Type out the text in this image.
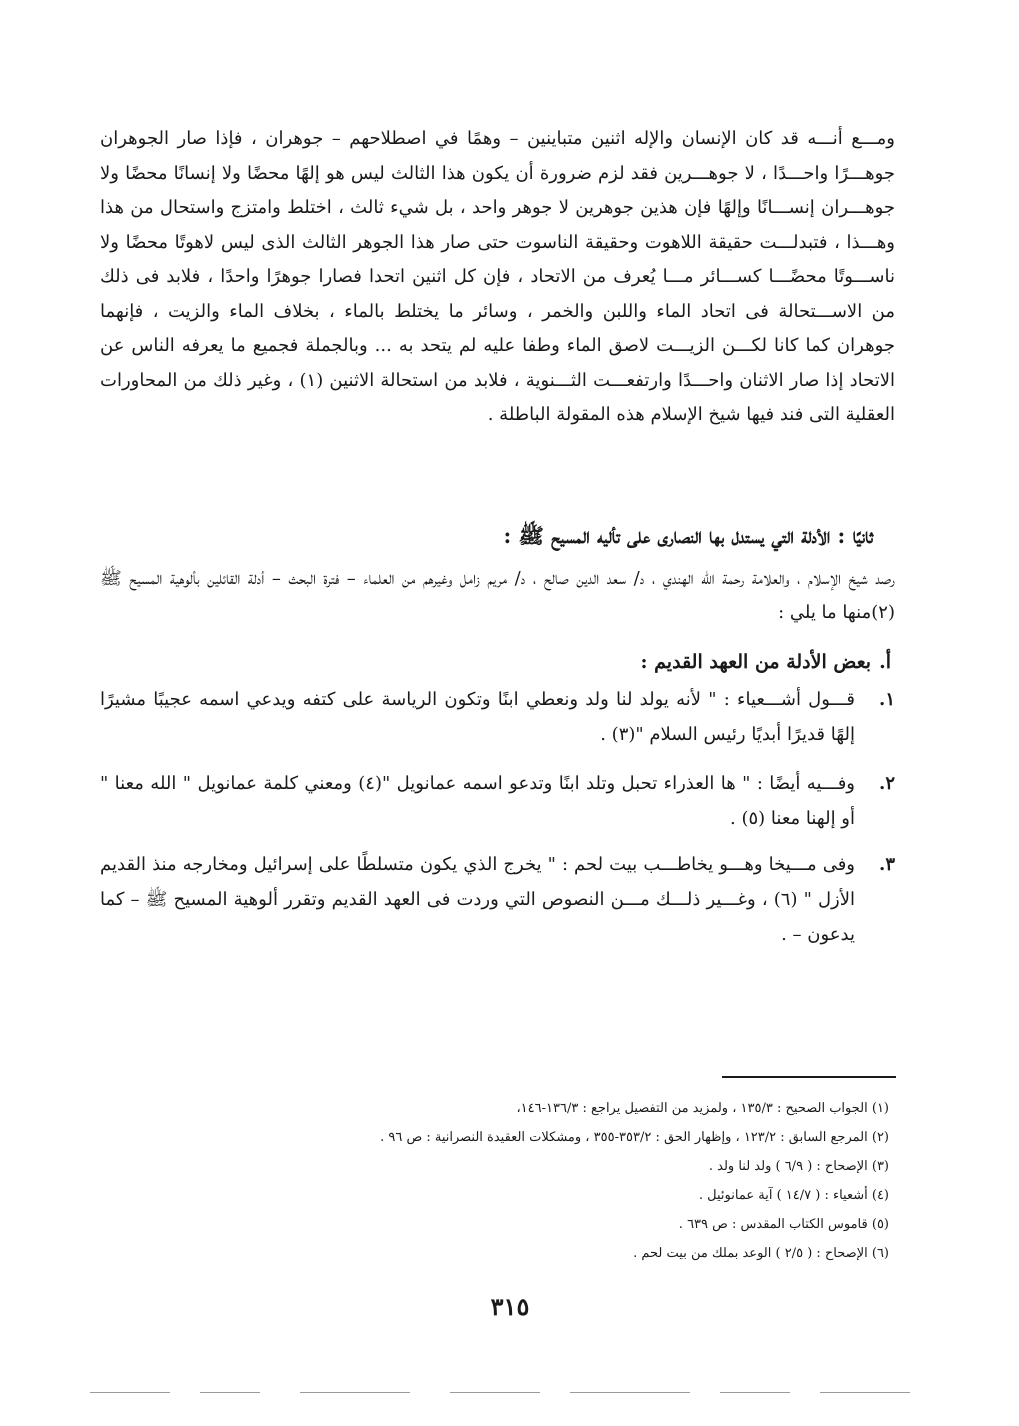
ومـــع أنـــه قد كان الإنسان والإله اثنين متباينين – وهمًا في اصطلاحهم – جوهران ، فإذا صار الجوهران جوهـــرًا واحـــدًا ، لا جوهـــرين فقد لزم ضرورة أن يكون هذا الثالث ليس هو إلهًا محضًا ولا إنسانًا محضًا ولا جوهـــران إنســـانًا وإلهًا فإن هذين جوهرين لا جوهر واحد ، بل شيء ثالث ، اختلط وامتزج واستحال من هذا وهـــذا ، فتبدلـــت حقيقة اللاهوت وحقيقة الناسوت حتى صار هذا الجوهر الثالث الذى ليس لاهوتًا محضًا ولا ناســـوتًا محضًـــا كســـائر مـــا يُعرف من الاتحاد ، فإن كل اثنين اتحدا فصارا جوهرًا واحدًا ، فلابد فى ذلك من الاســـتحالة فى اتحاد الماء واللبن والخمر ، وسائر ما يختلط بالماء ، بخلاف الماء والزيت ، فإنهما جوهران كما كانا لكـــن الزيـــت لاصق الماء وطفا عليه لم يتحد به ... وبالجملة فجميع ما يعرفه الناس عن الاتحاد إذا صار الاثنان واحـــدًا وارتفعـــت الثـــنوية ، فلابد من استحالة الاثنين (١) ، وغير ذلك من المحاورات العقلية التى فند فيها شيخ الإسلام هذه المقولة الباطلة .

ثانيًا : الأدلة التي يستدل بها النصارى على تأليه المسيح ﷺ :

رصد شيخ الإسلام ، والعلامة رحمة الله الهندي ، د/ سعد الدين صالح ، د/ مريم زامل وغيرهم من العلماء – فترة البحث – أدلة القائلين بألوهية المسيح ﷺ (٢)منها ما يلي :

أ.بعض الأدلة من العهد القديم :
١.
قـــول أشـــعياء : " لأنه يولد لنا ولد ونعطي ابنًا وتكون الرياسة على كتفه ويدعي اسمه عجيبًا مشيرًا إلهًا قديرًا أبديًا رئيس السلام "(٣) .
٢.
وفـــيه أيضًا : " ها العذراء تحبل وتلد ابنًا وتدعو اسمه عمانويل "(٤) ومعني كلمة عمانويل " الله معنا " أو إلهنا معنا (٥) .
٣.
وفى مـــيخا وهـــو يخاطـــب بيت لحم : " يخرج الذي يكون متسلطًا على إسرائيل ومخارجه منذ القديم الأزل " (٦) ، وغـــير ذلـــك مـــن النصوص التي وردت فى العهد القديم وتقرر ألوهية المسيح ﷺ – كما يدعون – .
(١) الجواب الصحيح : ١٣٥/٣ ، ولمزيد من التفصيل يراجع : ١٣٦/٣-١٤٦،
(٢) المرجع السابق : ١٢٣/٢ ، وإظهار الحق : ٣٥٣/٢-٣٥٥ ، ومشكلات العقيدة النصرانية : ص ٩٦ .
(٣) الإصحاح : ( ٦/٩ ) ولد لنا ولد .
(٤) أشعياء : ( ١٤/٧ ) آية عمانوئيل .
(٥) قاموس الكتاب المقدس : ص ٦٣٩ .
(٦) الإصحاح : ( ٢/٥ ) الوعد بملك من بيت لحم .
٣١٥
